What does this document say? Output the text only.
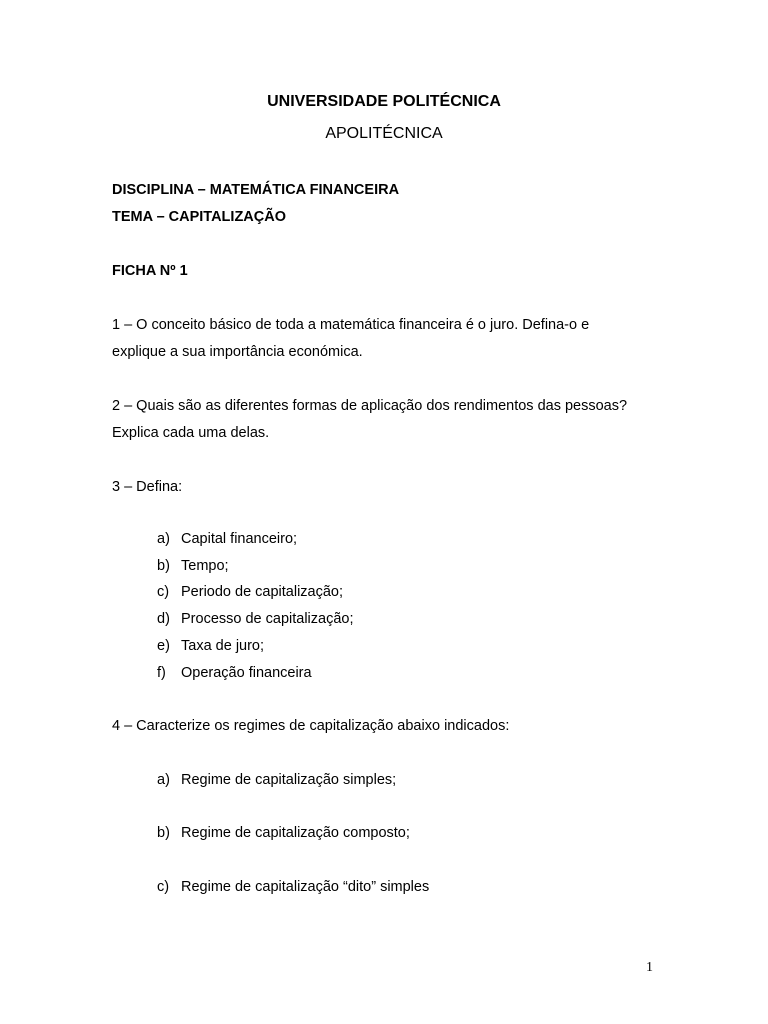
UNIVERSIDADE POLITÉCNICA
APOLITÉCNICA
DISCIPLINA – MATEMÁTICA FINANCEIRA
TEMA – CAPITALIZAÇÃO
FICHA Nº 1
1 – O conceito básico de toda a matemática financeira é o juro. Defina-o e
explique a sua importância económica.
2 – Quais são as diferentes formas de aplicação dos rendimentos das pessoas?
Explica cada uma delas.
3 – Defina:
a) Capital financeiro;
b) Tempo;
c) Periodo de capitalização;
d) Processo de capitalização;
e) Taxa de juro;
f) Operação financeira
4 – Caracterize os regimes de capitalização abaixo indicados:
a) Regime de capitalização simples;
b) Regime de capitalização composto;
c) Regime de capitalização “dito” simples
1
